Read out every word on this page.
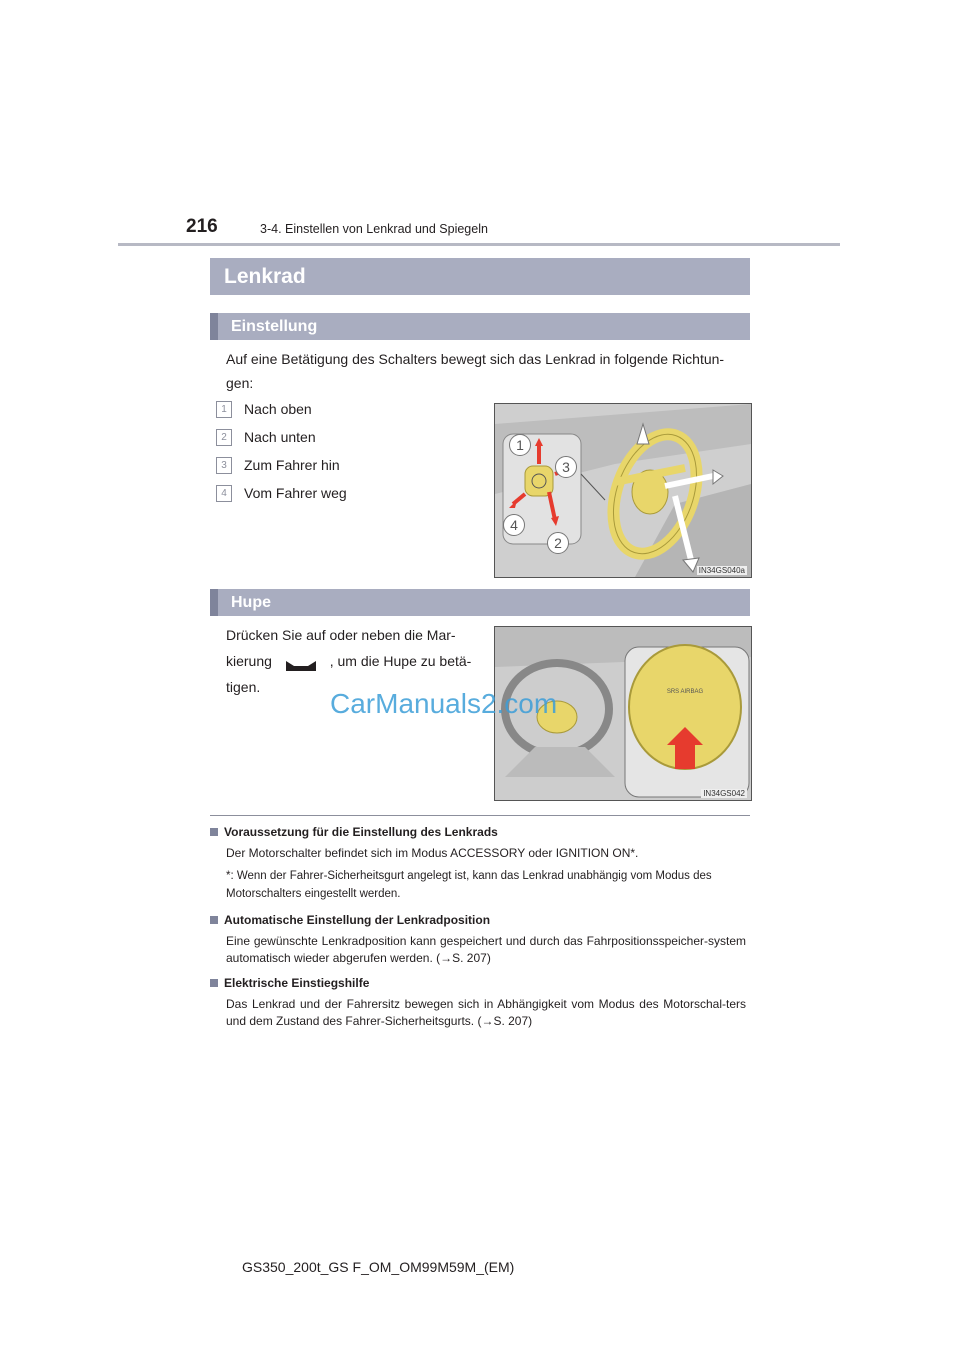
216	3-4. Einstellen von Lenkrad und Spiegeln
Lenkrad
Einstellung
Auf eine Betätigung des Schalters bewegt sich das Lenkrad in folgende Richtun-gen:
1	Nach oben
2	Nach unten
3	Zum Fahrer hin
4	Vom Fahrer weg
1
3
4
2
IN34GS040a
Hupe
Drücken Sie auf oder neben die Mar-
kierung	, um die Hupe zu betä-
tigen.	SRS AIRBAG
IN34GS042
CarManuals2.com
Voraussetzung für die Einstellung des Lenkrads
Der Motorschalter befindet sich im Modus ACCESSORY oder IGNITION ON*.
*: Wenn der Fahrer-Sicherheitsgurt angelegt ist, kann das Lenkrad unabhängig vom Modus des Motorschalters eingestellt werden.
Automatische Einstellung der Lenkradposition
Eine gewünschte Lenkradposition kann gespeichert und durch das Fahrpositionsspeicher-system automatisch wieder abgerufen werden. (→S. 207)
Elektrische Einstiegshilfe
Das Lenkrad und der Fahrersitz bewegen sich in Abhängigkeit vom Modus des Motorschal-ters und dem Zustand des Fahrer-Sicherheitsgurts. (→S. 207)
GS350_200t_GS F_OM_OM99M59M_(EM)
